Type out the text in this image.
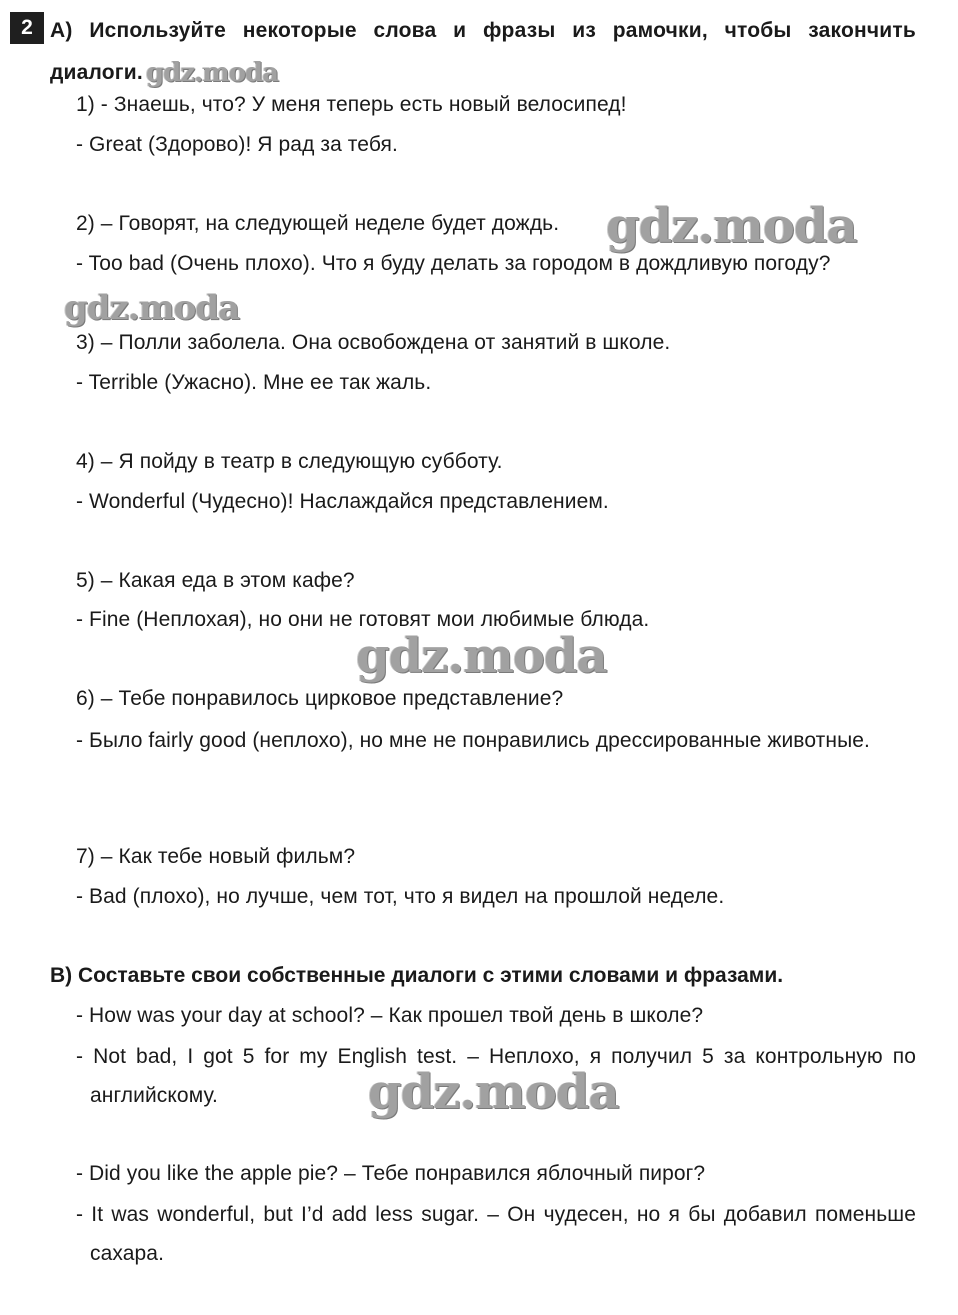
2 A) Используйте некоторые слова и фразы из рамочки, чтобы закончить диалоги.
1) - Знаешь, что? У меня теперь есть новый велосипед!
- Great (Здорово)! Я рад за тебя.
2) – Говорят, на следующей неделе будет дождь.
- Too bad (Очень плохо). Что я буду делать за городом в дождливую погоду?
3) – Полли заболела. Она освобождена от занятий в школе.
- Terrible (Ужасно). Мне ее так жаль.
4) – Я пойду в театр в следующую субботу.
- Wonderful (Чудесно)! Наслаждайся представлением.
5) – Какая еда в этом кафе?
- Fine (Неплохая), но они не готовят мои любимые блюда.
6) – Тебе понравилось цирковое представление?
- Было fairly good (неплохо), но мне не понравились дрессированные животные.
7) – Как тебе новый фильм?
- Bad (плохо), но лучше, чем тот, что я видел на прошлой неделе.
B) Составьте свои собственные диалоги с этими словами и фразами.
- How was your day at school? – Как прошел твой день в школе?
- Not bad, I got 5 for my English test. – Неплохо, я получил 5 за контрольную по английскому.
- Did you like the apple pie? – Тебе понравился яблочный пирог?
- It was wonderful, but I’d add less sugar. – Он чудесен, но я бы добавил поменьше сахара.
gdz.moda
gdz.moda
gdz.moda
gdz.moda
gdz.moda
